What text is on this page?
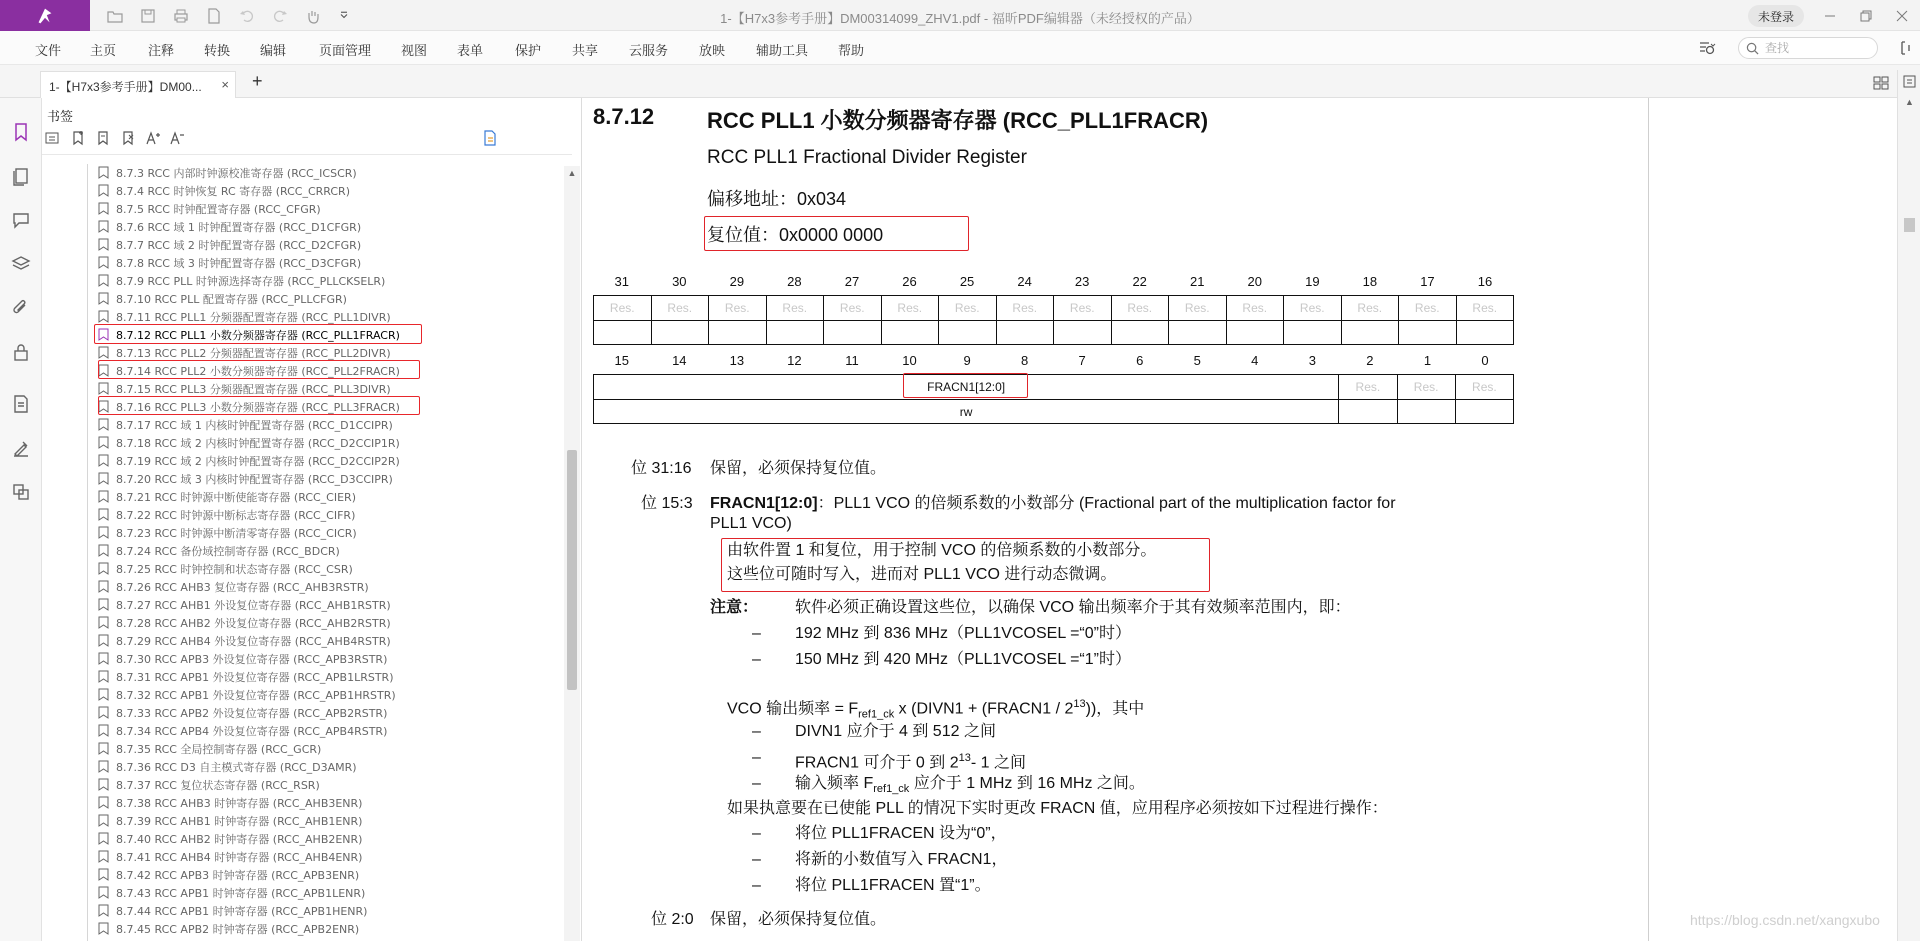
1-【H7x3参考手册】DM00314099_ZHV1.pdf - 福昕PDF编辑器（未经授权的产品）	未登录
文件 主页 注释 转换 编辑	页面管理 视图 表单 保护 共享 云服务 放映 辅助工具 帮助
查找
1-【H7x3参考手册】DM00...	× +
书签
8.7.3 RCC 内部时钟源校准寄存器 (RCC_ICSCR)
8.7.4 RCC 时钟恢复 RC 寄存器 (RCC_CRRCR)
8.7.5 RCC 时钟配置寄存器 (RCC_CFGR)
8.7.6 RCC 域 1 时钟配置寄存器 (RCC_D1CFGR)
8.7.7 RCC 域 2 时钟配置寄存器 (RCC_D2CFGR)
8.7.8 RCC 域 3 时钟配置寄存器 (RCC_D3CFGR)
8.7.9 RCC PLL 时钟源选择寄存器 (RCC_PLLCKSELR)
8.7.10 RCC PLL 配置寄存器 (RCC_PLLCFGR)
8.7.11 RCC PLL1 分频器配置寄存器 (RCC_PLL1DIVR)
8.7.12 RCC PLL1 小数分频器寄存器 (RCC_PLL1FRACR)
8.7.13 RCC PLL2 分频器配置寄存器 (RCC_PLL2DIVR)
8.7.14 RCC PLL2 小数分频器寄存器 (RCC_PLL2FRACR)
8.7.15 RCC PLL3 分频器配置寄存器 (RCC_PLL3DIVR)
8.7.16 RCC PLL3 小数分频器寄存器 (RCC_PLL3FRACR)
8.7.17 RCC 域 1 内核时钟配置寄存器 (RCC_D1CCIPR)
8.7.18 RCC 域 2 内核时钟配置寄存器 (RCC_D2CCIP1R)
8.7.19 RCC 域 2 内核时钟配置寄存器 (RCC_D2CCIP2R)
8.7.20 RCC 域 3 内核时钟配置寄存器 (RCC_D3CCIPR)
8.7.21 RCC 时钟源中断使能寄存器 (RCC_CIER)
8.7.22 RCC 时钟源中断标志寄存器 (RCC_CIFR)
8.7.23 RCC 时钟源中断清零寄存器 (RCC_CICR)
8.7.24 RCC 备份域控制寄存器 (RCC_BDCR)
8.7.25 RCC 时钟控制和状态寄存器 (RCC_CSR)
8.7.26 RCC AHB3 复位寄存器 (RCC_AHB3RSTR)
8.7.27 RCC AHB1 外设复位寄存器 (RCC_AHB1RSTR)
8.7.28 RCC AHB2 外设复位寄存器 (RCC_AHB2RSTR)
8.7.29 RCC AHB4 外设复位寄存器 (RCC_AHB4RSTR)
8.7.30 RCC APB3 外设复位寄存器 (RCC_APB3RSTR)
8.7.31 RCC APB1 外设复位寄存器 (RCC_APB1LRSTR)
8.7.32 RCC APB1 外设复位寄存器 (RCC_APB1HRSTR)
8.7.33 RCC APB2 外设复位寄存器 (RCC_APB2RSTR)
8.7.34 RCC APB4 外设复位寄存器 (RCC_APB4RSTR)
8.7.35 RCC 全局控制寄存器 (RCC_GCR)
8.7.36 RCC D3 自主模式寄存器 (RCC_D3AMR)
8.7.37 RCC 复位状态寄存器 (RCC_RSR)
8.7.38 RCC AHB3 时钟寄存器 (RCC_AHB3ENR)
8.7.39 RCC AHB1 时钟寄存器 (RCC_AHB1ENR)
8.7.40 RCC AHB2 时钟寄存器 (RCC_AHB2ENR)
8.7.41 RCC AHB4 时钟寄存器 (RCC_AHB4ENR)
8.7.42 RCC APB3 时钟寄存器 (RCC_APB3ENR)
8.7.43 RCC APB1 时钟寄存器 (RCC_APB1LENR)
8.7.44 RCC APB1 时钟寄存器 (RCC_APB1HENR)
8.7.45 RCC APB2 时钟寄存器 (RCC_APB2ENR)
▲
▲
8.7.12 RCC PLL1 小数分频器寄存器 (RCC_PLL1FRACR)
RCC PLL1 Fractional Divider Register
偏移地址：0x034
复位值：0x0000 0000
31	30	29	28	27	26	25	24	23	22	21	20	19	18	17	16
Res.	Res.	Res.	Res.	Res.	Res.	Res.	Res.	Res.	Res.	Res.	Res.	Res.	Res.	Res.	Res.
15	14	13	12	11	10	9	8	7	6	5	4	3	2	1	0
FRACN1[12:0]	Res.	Res.	Res.
rw
位 31:16 保留，必须保持复位值。
位 15:3 FRACN1[12:0]：PLL1 VCO 的倍频系数的小数部分 (Fractional part of the multiplication factor for
PLL1 VCO)
由软件置 1 和复位，用于控制 VCO 的倍频系数的小数部分。
这些位可随时写入，进而对 PLL1 VCO 进行动态微调。
注意： 软件必须正确设置这些位，以确保 VCO 输出频率介于其有效频率范围内，即：
– 192 MHz 到 836 MHz（PLL1VCOSEL =“0”时）
– 150 MHz 到 420 MHz（PLL1VCOSEL =“1”时）
VCO 输出频率 = $F_{ref1\_ck}$ x (DIVN1 + (FRACN1 / $2^{13}$))，其中
– DIVN1 应介于 4 到 512 之间
– FRACN1 可介于 0 到 $2^{13}-$ 1 之间
– 输入频率 $F_{ref1\_ck}$ 应介于 1 MHz 到 16 MHz 之间。
如果执意要在已使能 PLL 的情况下实时更改 FRACN 值，应用程序必须按如下过程进行操作：
– 将位 PLL1FRACEN 设为“0”，
– 将新的小数值写入 FRACN1，
– 将位 PLL1FRACEN 置“1”。
位 2:0 保留，必须保持复位值。	https://blog.csdn.net/xangxubo
